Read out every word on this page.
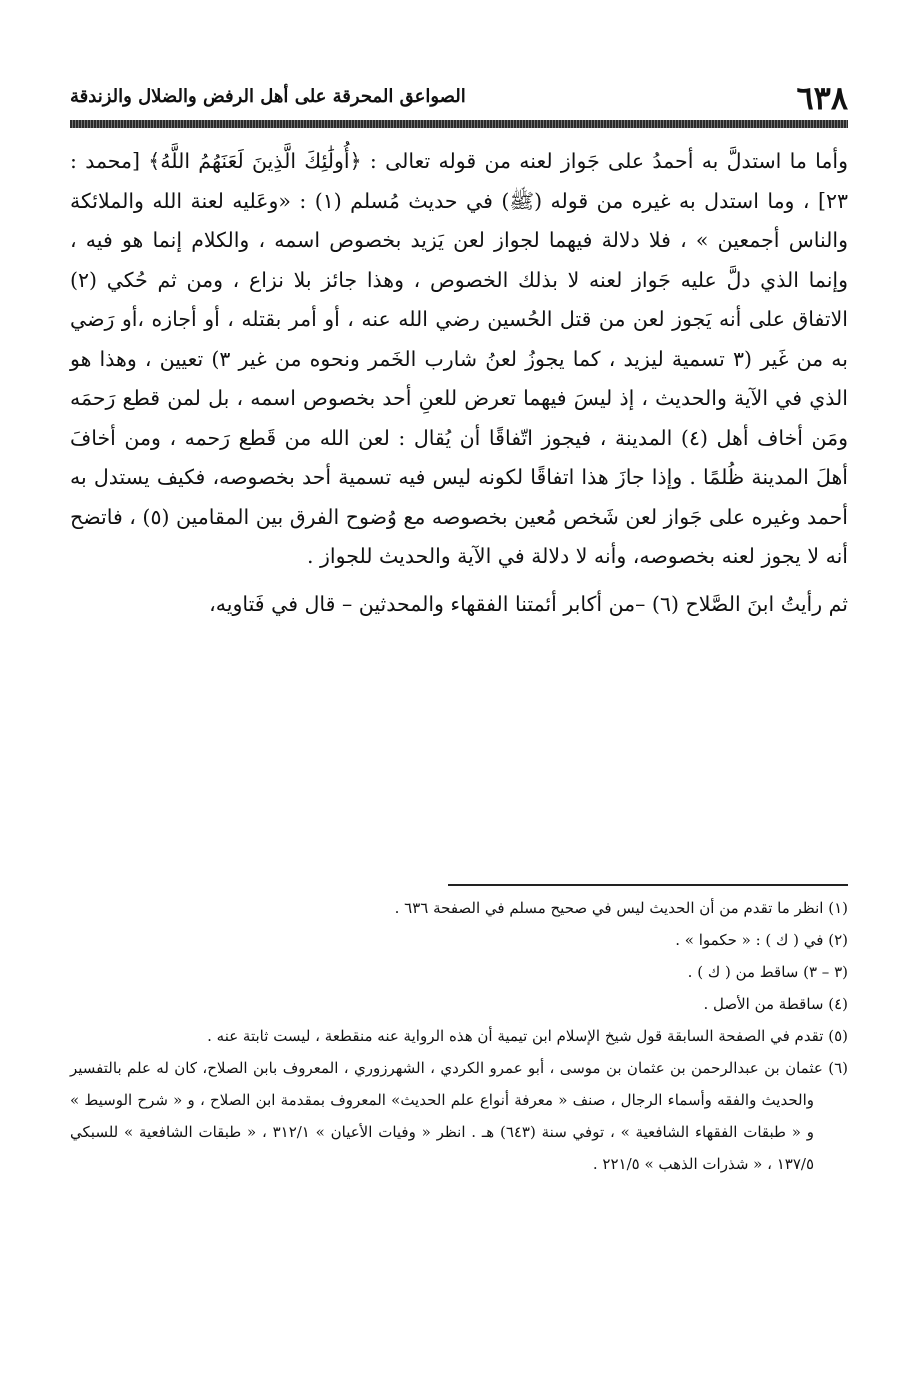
٦٣٨
الصواعق المحرقة على أهل الرفض والضلال والزندقة

وأما ما استدلَّ به أحمدُ على جَواز لعنه من قوله تعالى : ﴿أُولَٰئِكَ الَّذِينَ لَعَنَهُمُ اللَّهُ﴾ [محمد : ٢٣] ، وما استدل به غيره من قوله (ﷺ) في حديث مُسلم (١) : «وعَليه لعنة الله والملائكة والناس أجمعين » ، فلا دلالة فيهما لجواز لعن يَزيد بخصوص اسمه ، والكلام إنما هو فيه ، وإنما الذي دلَّ عليه جَواز لعنه لا بذلك الخصوص ، وهذا جائز بلا نزاع ، ومن ثم حُكي (٢) الاتفاق على أنه يَجوز لعن من قتل الحُسين رضي الله عنه ، أو أمر بقتله ، أو أجازه ،أو رَضي به من غَير (٣ تسمية ليزيد ، كما يجوزُ لعنُ شارب الخَمر ونحوه من غير ٣) تعيين ، وهذا هو الذي في الآية والحديث ، إذ ليسَ فيهما تعرض للعنِ أحد بخصوص اسمه ، بل لمن قطع رَحمَه ومَن أخاف أهل (٤) المدينة ، فيجوز اتّفاقًا أن يُقال : لعن الله من قَطع رَحمه ، ومن أخافَ أهلَ المدينة ظُلمًا . وإذا جازَ هذا اتفاقًا لكونه ليس فيه تسمية أحد بخصوصه، فكيف يستدل به أحمد وغيره على جَواز لعن شَخص مُعين بخصوصه مع وُضوح الفرق بين المقامين (٥) ، فاتضح أنه لا يجوز لعنه بخصوصه، وأنه لا دلالة في الآية والحديث للجواز .

ثم رأيتُ ابنَ الصَّلاح (٦) –من أكابر أئمتنا الفقهاء والمحدثين – قال في فَتاويه،

(١) انظر ما تقدم من أن الحديث ليس في صحيح مسلم في الصفحة ٦٣٦ .

(٢) في ( ك ) : « حكموا » .

(٣ – ٣) ساقط من ( ك ) .

(٤) ساقطة من الأصل .

(٥) تقدم في الصفحة السابقة قول شيخ الإسلام ابن تيمية أن هذه الرواية عنه منقطعة ، ليست ثابتة عنه .

(٦) عثمان بن عبدالرحمن بن عثمان بن موسى ، أبو عمرو الكردي ، الشهرزوري ، المعروف بابن الصلاح، كان له علم بالتفسير والحديث والفقه وأسماء الرجال ، صنف « معرفة أنواع علم الحديث» المعروف بمقدمة ابن الصلاح ، و « شرح الوسيط » و « طبقات الفقهاء الشافعية » ، توفي سنة (٦٤٣) هـ . انظر « وفيات الأعيان » ٣١٢/١ ، « طبقات الشافعية » للسبكي ١٣٧/٥ ، « شذرات الذهب » ٢٢١/٥ .
